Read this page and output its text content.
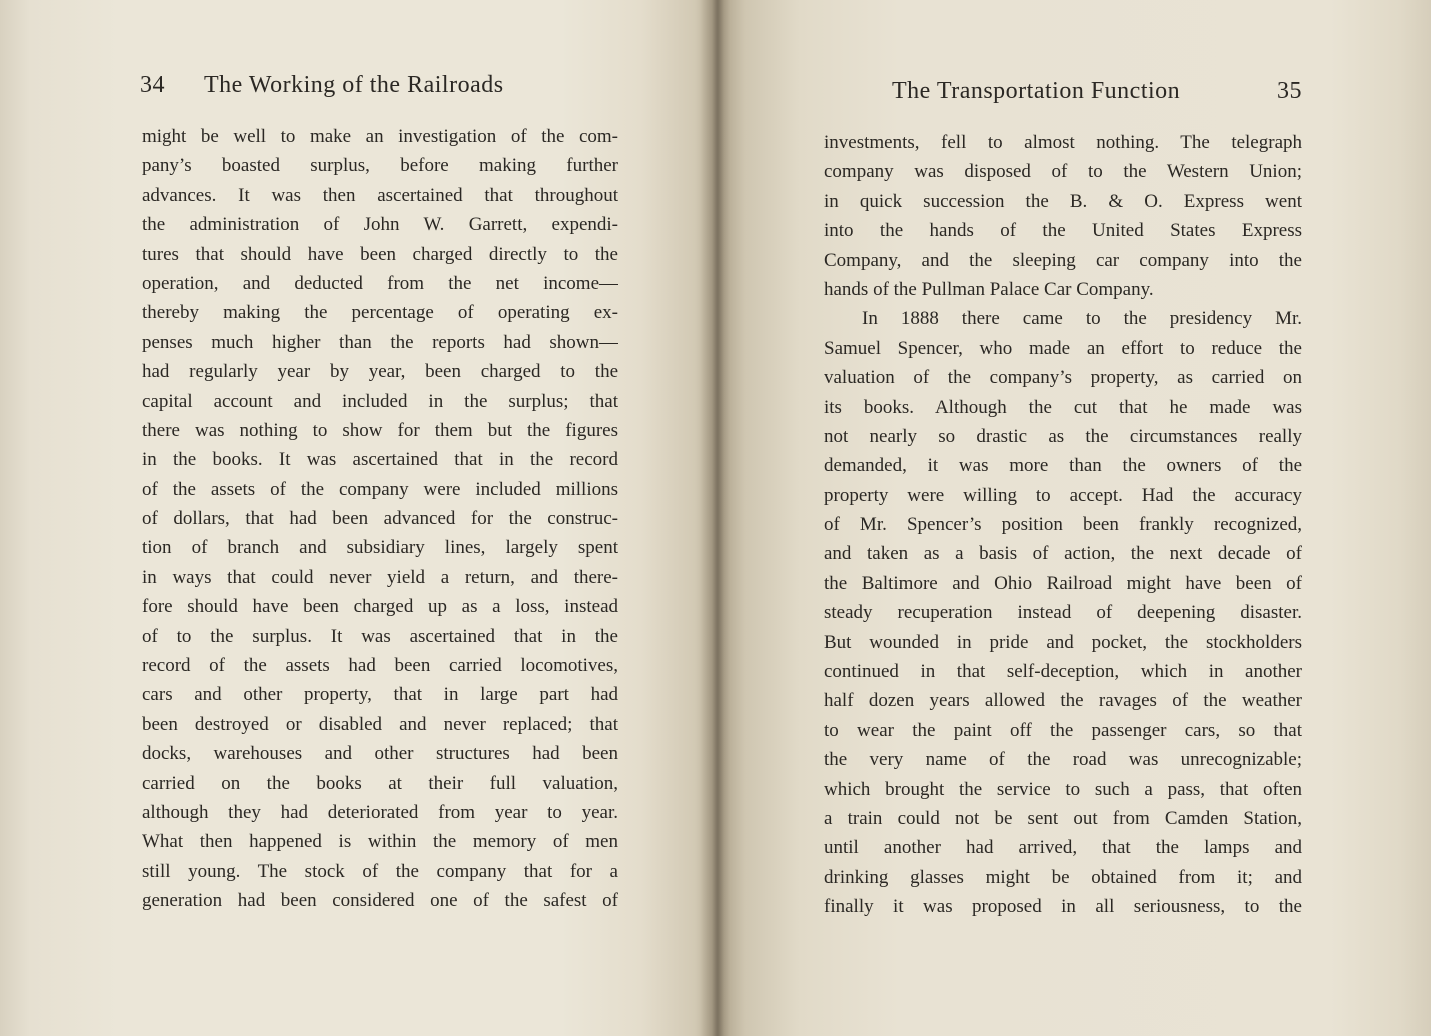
34 The Working of the Railroads
might be well to make an investigation of the com-
pany’s boasted surplus, before making further
advances. It was then ascertained that throughout
the administration of John W. Garrett, expendi-
tures that should have been charged directly to the
operation, and deducted from the net income—
thereby making the percentage of operating ex-
penses much higher than the reports had shown—
had regularly year by year, been charged to the
capital account and included in the surplus; that
there was nothing to show for them but the figures
in the books. It was ascertained that in the record
of the assets of the company were included millions
of dollars, that had been advanced for the construc-
tion of branch and subsidiary lines, largely spent
in ways that could never yield a return, and there-
fore should have been charged up as a loss, instead
of to the surplus. It was ascertained that in the
record of the assets had been carried locomotives,
cars and other property, that in large part had
been destroyed or disabled and never replaced; that
docks, warehouses and other structures had been
carried on the books at their full valuation,
although they had deteriorated from year to year.
What then happened is within the memory of men
still young. The stock of the company that for a
generation had been considered one of the safest of
The Transportation Function	35
investments, fell to almost nothing. The telegraph
company was disposed of to the Western Union;
in quick succession the B. & O. Express went
into the hands of the United States Express
Company, and the sleeping car company into the
hands of the Pullman Palace Car Company.
In 1888 there came to the presidency Mr.
Samuel Spencer, who made an effort to reduce the
valuation of the company’s property, as carried on
its books. Although the cut that he made was
not nearly so drastic as the circumstances really
demanded, it was more than the owners of the
property were willing to accept. Had the accuracy
of Mr. Spencer’s position been frankly recognized,
and taken as a basis of action, the next decade of
the Baltimore and Ohio Railroad might have been of
steady recuperation instead of deepening disaster.
But wounded in pride and pocket, the stockholders
continued in that self-deception, which in another
half dozen years allowed the ravages of the weather
to wear the paint off the passenger cars, so that
the very name of the road was unrecognizable;
which brought the service to such a pass, that often
a train could not be sent out from Camden Station,
until another had arrived, that the lamps and
drinking glasses might be obtained from it; and
finally it was proposed in all seriousness, to the
